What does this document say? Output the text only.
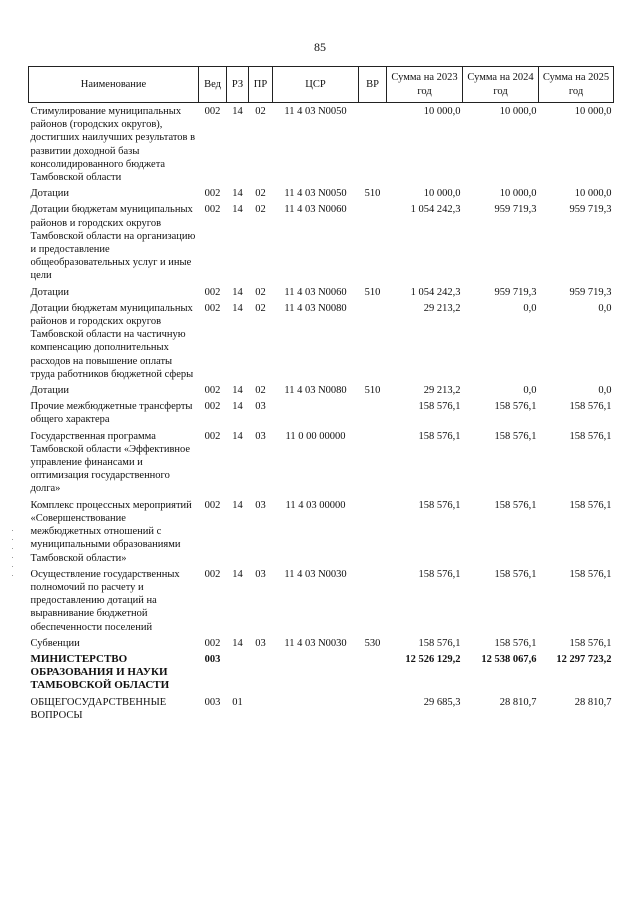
85
Наименование	Вед	РЗ	ПР	ЦСР	ВР	Сумма на 2023 год	Сумма на 2024 год	Сумма на 2025 год
Стимулирование муниципальных районов (городских округов), достигших наилучших результатов в развитии доходной базы консолидированного бюджета Тамбовской области	002	14	02	11 4 03 N0050		10 000,0	10 000,0	10 000,0
Дотации	002	14	02	11 4 03 N0050	510	10 000,0	10 000,0	10 000,0
Дотации бюджетам муниципальных районов и городских округов Тамбовской области на организацию и предоставление общеобразовательных услуг и иные цели	002	14	02	11 4 03 N0060		1 054 242,3	959 719,3	959 719,3
Дотации	002	14	02	11 4 03 N0060	510	1 054 242,3	959 719,3	959 719,3
Дотации бюджетам муниципальных районов и городских округов Тамбовской области на частичную компенсацию дополнительных расходов на повышение оплаты труда работников бюджетной сферы	002	14	02	11 4 03 N0080		29 213,2	0,0	0,0
Дотации	002	14	02	11 4 03 N0080	510	29 213,2	0,0	0,0
Прочие межбюджетные трансферты общего характера	002	14	03			158 576,1	158 576,1	158 576,1
Государственная программа Тамбовской области «Эффективное управление финансами и оптимизация государственного долга»	002	14	03	11 0 00 00000		158 576,1	158 576,1	158 576,1
Комплекс процессных мероприятий «Совершенствование межбюджетных отношений с муниципальными образованиями Тамбовской области»	002	14	03	11 4 03 00000		158 576,1	158 576,1	158 576,1
Осуществление государственных полномочий по расчету и предоставлению дотаций на выравнивание бюджетной обеспеченности поселений	002	14	03	11 4 03 N0030		158 576,1	158 576,1	158 576,1
Субвенции	002	14	03	11 4 03 N0030	530	158 576,1	158 576,1	158 576,1
МИНИСТЕРСТВО ОБРАЗОВАНИЯ И НАУКИ ТАМБОВСКОЙ ОБЛАСТИ	003					12 526 129,2	12 538 067,6	12 297 723,2
ОБЩЕГОСУДАРСТВЕННЫЕ ВОПРОСЫ	003	01				29 685,3	28 810,7	28 810,7
